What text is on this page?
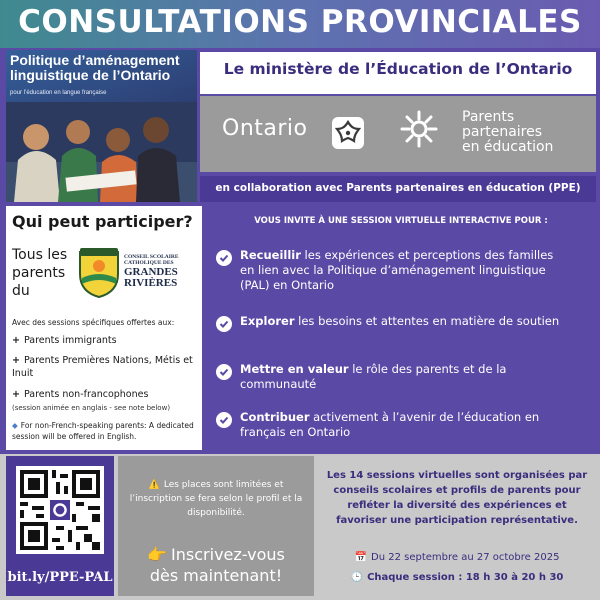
CONSULTATIONS PROVINCIALES
Politique d’aménagement linguistique de l’Ontario
pour l’éducation en langue française
Le ministère de l’Éducation de l’Ontario
Ontario	Parents
partenaires
en éducation
en collaboration avec Parents partenaires en éducation (PPE)
Qui peut participer?
Tous les
parents
du
CONSEIL SCOLAIRE CATHOLIQUE DES
GRANDES
RIVIÈRES
CSCDGR
Avec des sessions spécifiques offertes aux:
+ Parents immigrants
+ Parents Premières Nations, Métis et Inuit
+ Parents non-francophones
(session animée en anglais - see note below)
◆ For non-French-speaking parents: A dedicated session will be offered in English.
VOUS INVITE À UNE SESSION VIRTUELLE INTERACTIVE POUR :
Recueillir les expériences et perceptions des familles en lien avec la Politique d’aménagement linguistique (PAL) en Ontario
Explorer les besoins et attentes en matière de soutien
Mettre en valeur le rôle des parents et de la communauté
Contribuer activement à l’avenir de l’éducation en français en Ontario
bit.ly/PPE-PAL
⚠️ Les places sont limitées et l’inscription se fera selon le profil et la disponibilité.
👉 Inscrivez-vous
dès maintenant!
Les 14 sessions virtuelles sont organisées par conseils scolaires et profils de parents pour refléter la diversité des expériences et favoriser une participation représentative.
📅 Du 22 septembre au 27 octobre 2025
🕒 Chaque session : 18 h 30 à 20 h 30
